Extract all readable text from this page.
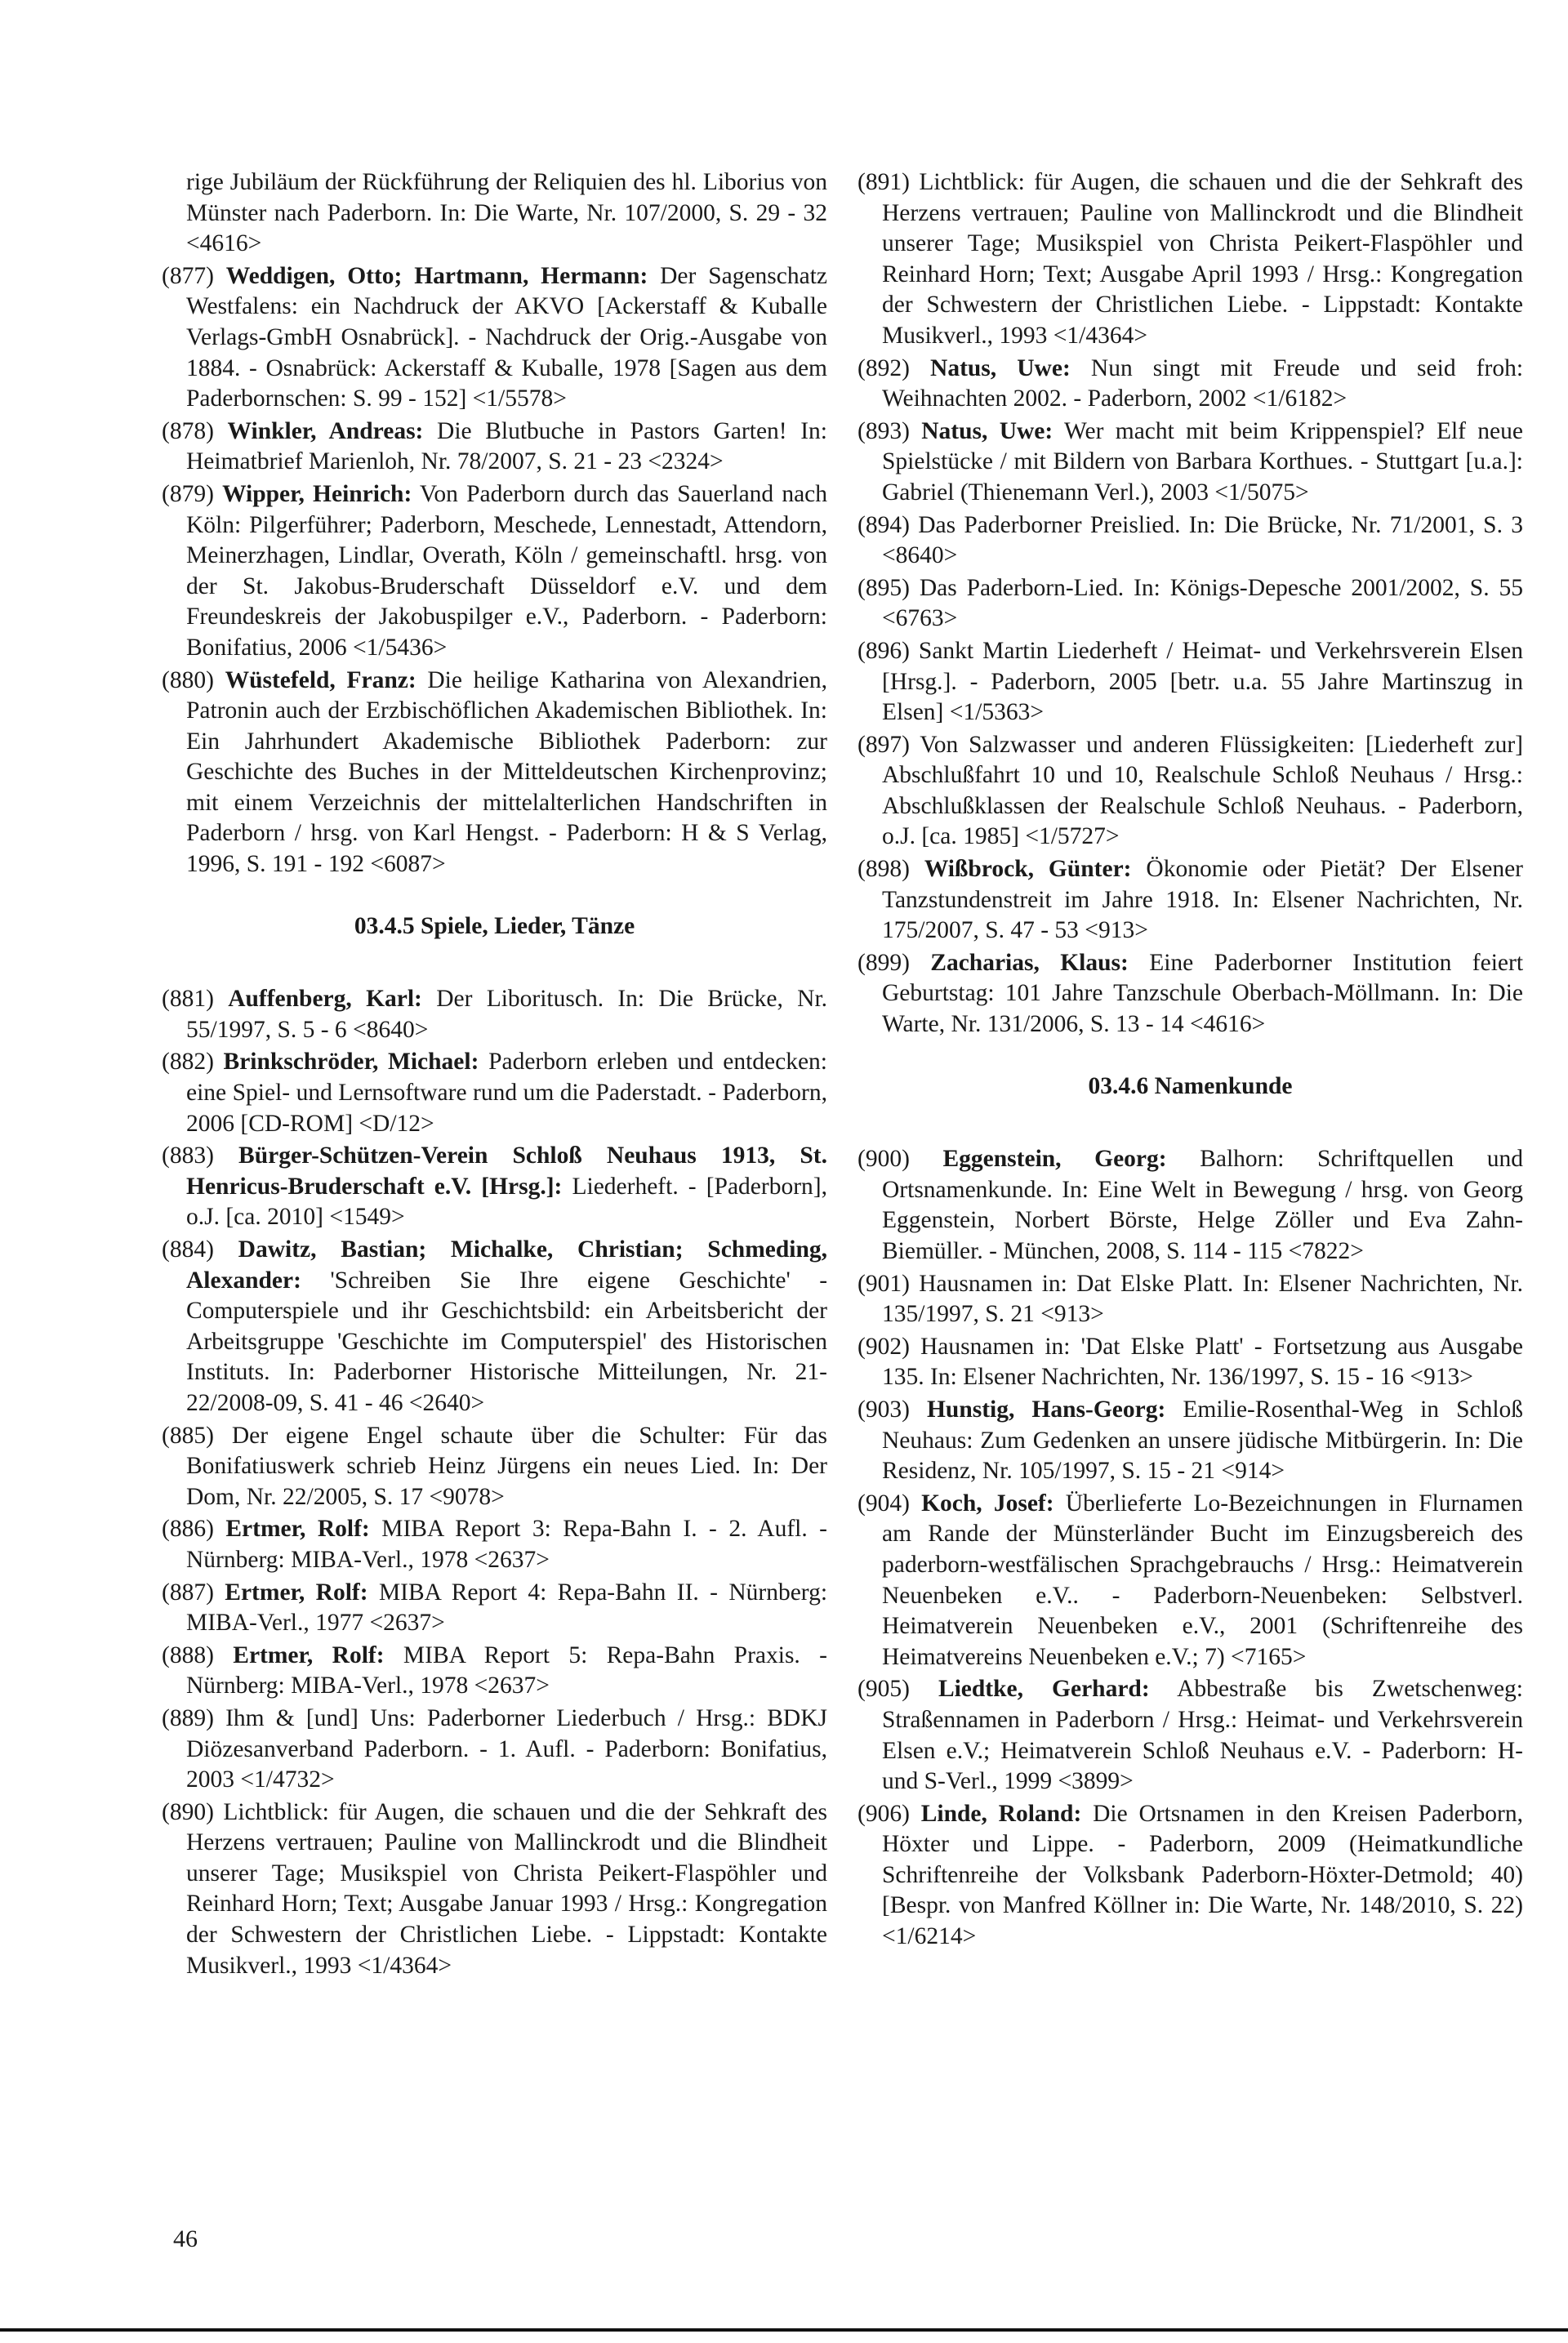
rige Jubiläum der Rückführung der Reliquien des hl. Liborius von Münster nach Paderborn. In: Die Warte, Nr. 107/2000, S. 29 - 32 <4616>
(877) Weddigen, Otto; Hartmann, Hermann: Der Sagenschatz Westfalens: ein Nachdruck der AKVO [Ackerstaff & Kuballe Verlags-GmbH Osnabrück]. - Nachdruck der Orig.-Ausgabe von 1884. - Osnabrück: Ackerstaff & Kuballe, 1978 [Sagen aus dem Paderbornschen: S. 99 - 152] <1/5578>
(878) Winkler, Andreas: Die Blutbuche in Pastors Garten! In: Heimatbrief Marienloh, Nr. 78/2007, S. 21 - 23 <2324>
(879) Wipper, Heinrich: Von Paderborn durch das Sauerland nach Köln: Pilgerführer; Paderborn, Meschede, Lennestadt, Attendorn, Meinerzhagen, Lindlar, Overath, Köln / gemeinschaftl. hrsg. von der St. Jakobus-Bruderschaft Düsseldorf e.V. und dem Freundeskreis der Jakobuspilger e.V., Paderborn. - Paderborn: Bonifatius, 2006 <1/5436>
(880) Wüstefeld, Franz: Die heilige Katharina von Alexandrien, Patronin auch der Erzbischöflichen Akademischen Bibliothek. In: Ein Jahrhundert Akademische Bibliothek Paderborn: zur Geschichte des Buches in der Mitteldeutschen Kirchenprovinz; mit einem Verzeichnis der mittelalterlichen Handschriften in Paderborn / hrsg. von Karl Hengst. - Paderborn: H & S Verlag, 1996, S. 191 - 192 <6087>
03.4.5 Spiele, Lieder, Tänze
(881) Auffenberg, Karl: Der Liboritusch. In: Die Brücke, Nr. 55/1997, S. 5 - 6 <8640>
(882) Brinkschröder, Michael: Paderborn erleben und entdecken: eine Spiel- und Lernsoftware rund um die Paderstadt. - Paderborn, 2006 [CD-ROM] <D/12>
(883) Bürger-Schützen-Verein Schloß Neuhaus 1913, St. Henricus-Bruderschaft e.V. [Hrsg.]: Liederheft. - [Paderborn], o.J. [ca. 2010] <1549>
(884) Dawitz, Bastian; Michalke, Christian; Schmeding, Alexander: 'Schreiben Sie Ihre eigene Geschichte' - Computerspiele und ihr Geschichtsbild: ein Arbeitsbericht der Arbeitsgruppe 'Geschichte im Computerspiel' des Historischen Instituts. In: Paderborner Historische Mitteilungen, Nr. 21-22/2008-09, S. 41 - 46 <2640>
(885) Der eigene Engel schaute über die Schulter: Für das Bonifatiuswerk schrieb Heinz Jürgens ein neues Lied. In: Der Dom, Nr. 22/2005, S. 17 <9078>
(886) Ertmer, Rolf: MIBA Report 3: Repa-Bahn I. - 2. Aufl. - Nürnberg: MIBA-Verl., 1978 <2637>
(887) Ertmer, Rolf: MIBA Report 4: Repa-Bahn II. - Nürnberg: MIBA-Verl., 1977 <2637>
(888) Ertmer, Rolf: MIBA Report 5: Repa-Bahn Praxis. - Nürnberg: MIBA-Verl., 1978 <2637>
(889) Ihm & [und] Uns: Paderborner Liederbuch / Hrsg.: BDKJ Diözesanverband Paderborn. - 1. Aufl. - Paderborn: Bonifatius, 2003 <1/4732>
(890) Lichtblick: für Augen, die schauen und die der Sehkraft des Herzens vertrauen; Pauline von Mallinckrodt und die Blindheit unserer Tage; Musikspiel von Christa Peikert-Flaspöhler und Reinhard Horn; Text; Ausgabe Januar 1993 / Hrsg.: Kongregation der Schwestern der Christlichen Liebe. - Lippstadt: Kontakte Musikverl., 1993 <1/4364>
(891) Lichtblick: für Augen, die schauen und die der Sehkraft des Herzens vertrauen; Pauline von Mallinckrodt und die Blindheit unserer Tage; Musikspiel von Christa Peikert-Flaspöhler und Reinhard Horn; Text; Ausgabe April 1993 / Hrsg.: Kongregation der Schwestern der Christlichen Liebe. - Lippstadt: Kontakte Musikverl., 1993 <1/4364>
(892) Natus, Uwe: Nun singt mit Freude und seid froh: Weihnachten 2002. - Paderborn, 2002 <1/6182>
(893) Natus, Uwe: Wer macht mit beim Krippenspiel? Elf neue Spielstücke / mit Bildern von Barbara Korthues. - Stuttgart [u.a.]: Gabriel (Thienemann Verl.), 2003 <1/5075>
(894) Das Paderborner Preislied. In: Die Brücke, Nr. 71/2001, S. 3 <8640>
(895) Das Paderborn-Lied. In: Königs-Depesche 2001/2002, S. 55 <6763>
(896) Sankt Martin Liederheft / Heimat- und Verkehrsverein Elsen [Hrsg.]. - Paderborn, 2005 [betr. u.a. 55 Jahre Martinszug in Elsen] <1/5363>
(897) Von Salzwasser und anderen Flüssigkeiten: [Liederheft zur] Abschlußfahrt 10 und 10, Realschule Schloß Neuhaus / Hrsg.: Abschlußklassen der Realschule Schloß Neuhaus. - Paderborn, o.J. [ca. 1985] <1/5727>
(898) Wißbrock, Günter: Ökonomie oder Pietät? Der Elsener Tanzstundenstreit im Jahre 1918. In: Elsener Nachrichten, Nr. 175/2007, S. 47 - 53 <913>
(899) Zacharias, Klaus: Eine Paderborner Institution feiert Geburtstag: 101 Jahre Tanzschule Oberbach-Möllmann. In: Die Warte, Nr. 131/2006, S. 13 - 14 <4616>
03.4.6 Namenkunde
(900) Eggenstein, Georg: Balhorn: Schriftquellen und Ortsnamenkunde. In: Eine Welt in Bewegung / hrsg. von Georg Eggenstein, Norbert Börste, Helge Zöller und Eva Zahn-Biemüller. - München, 2008, S. 114 - 115 <7822>
(901) Hausnamen in: Dat Elske Platt. In: Elsener Nachrichten, Nr. 135/1997, S. 21 <913>
(902) Hausnamen in: 'Dat Elske Platt' - Fortsetzung aus Ausgabe 135. In: Elsener Nachrichten, Nr. 136/1997, S. 15 - 16 <913>
(903) Hunstig, Hans-Georg: Emilie-Rosenthal-Weg in Schloß Neuhaus: Zum Gedenken an unsere jüdische Mitbürgerin. In: Die Residenz, Nr. 105/1997, S. 15 - 21 <914>
(904) Koch, Josef: Überlieferte Lo-Bezeichnungen in Flurnamen am Rande der Münsterländer Bucht im Einzugsbereich des paderborn-westfälischen Sprachgebrauchs / Hrsg.: Heimatverein Neuenbeken e.V.. - Paderborn-Neuenbeken: Selbstverl. Heimatverein Neuenbeken e.V., 2001 (Schriftenreihe des Heimatvereins Neuenbeken e.V.; 7) <7165>
(905) Liedtke, Gerhard: Abbestraße bis Zwetschenweg: Straßennamen in Paderborn / Hrsg.: Heimat- und Verkehrsverein Elsen e.V.; Heimatverein Schloß Neuhaus e.V. - Paderborn: H- und S-Verl., 1999 <3899>
(906) Linde, Roland: Die Ortsnamen in den Kreisen Paderborn, Höxter und Lippe. - Paderborn, 2009 (Heimatkundliche Schriftenreihe der Volksbank Paderborn-Höxter-Detmold; 40) [Bespr. von Manfred Köllner in: Die Warte, Nr. 148/2010, S. 22) <1/6214>
46
